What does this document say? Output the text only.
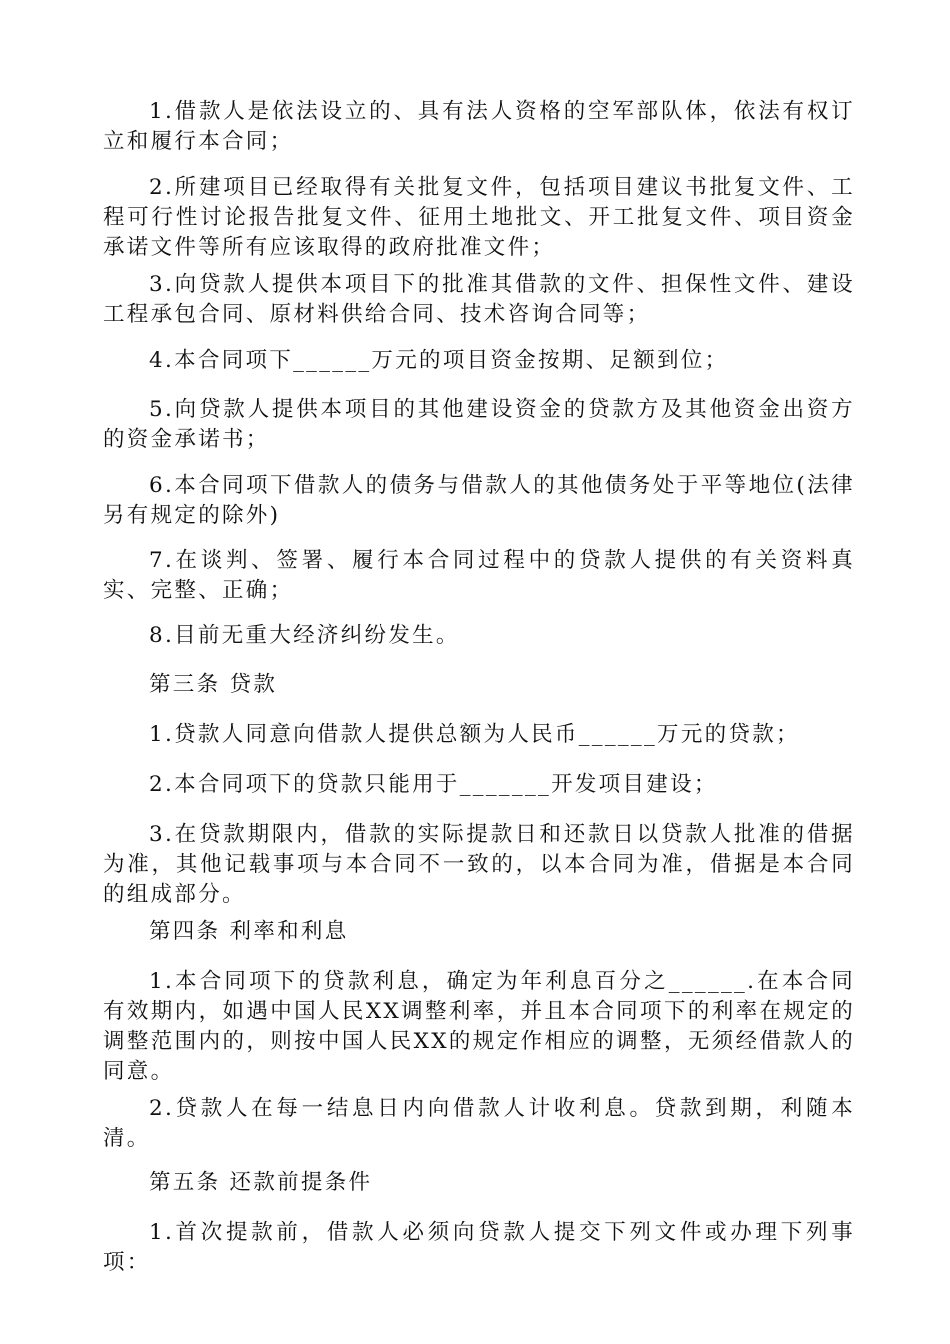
1.借款人是依法设立的、具有法人资格的空军部队体，依法有权订立和履行本合同；

2.所建项目已经取得有关批复文件，包括项目建议书批复文件、工程可行性讨论报告批复文件、征用土地批文、开工批复文件、项目资金承诺文件等所有应该取得的政府批准文件；

3.向贷款人提供本项目下的批准其借款的文件、担保性文件、建设工程承包合同、原材料供给合同、技术咨询合同等；

4.本合同项下______万元的项目资金按期、足额到位；

5.向贷款人提供本项目的其他建设资金的贷款方及其他资金出资方的资金承诺书；

6.本合同项下借款人的债务与借款人的其他债务处于平等地位(法律另有规定的除外)

7.在谈判、签署、履行本合同过程中的贷款人提供的有关资料真实、完整、正确；

8.目前无重大经济纠纷发生。

第三条 贷款

1.贷款人同意向借款人提供总额为人民币______万元的贷款；

2.本合同项下的贷款只能用于_______开发项目建设；

3.在贷款期限内，借款的实际提款日和还款日以贷款人批准的借据为准，其他记载事项与本合同不一致的，以本合同为准，借据是本合同的组成部分。

第四条 利率和利息

1.本合同项下的贷款利息，确定为年利息百分之______.在本合同有效期内，如遇中国人民XX调整利率，并且本合同项下的利率在规定的调整范围内的，则按中国人民XX的规定作相应的调整，无须经借款人的同意。

2.贷款人在每一结息日内向借款人计收利息。贷款到期，利随本清。

第五条 还款前提条件

1.首次提款前，借款人必须向贷款人提交下列文件或办理下列事项：
